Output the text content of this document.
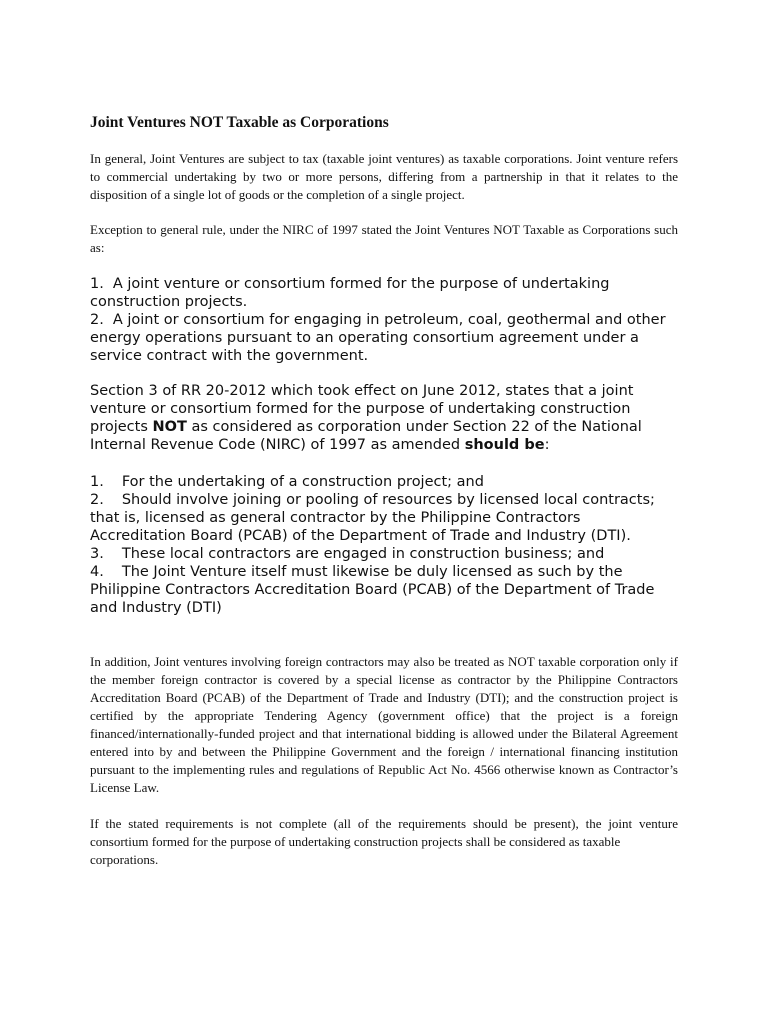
Joint Ventures NOT Taxable as Corporations

In general, Joint Ventures are subject to tax (taxable joint ventures) as taxable corporations. Joint venture refers to commercial undertaking by two or more persons, differing from a partnership in that it relates to the disposition of a single lot of goods or the completion of a single project.

Exception to general rule, under the NIRC of 1997 stated the Joint Ventures NOT Taxable as Corporations such as:

1. A joint venture or consortium formed for the purpose of undertaking construction projects.
2. A joint or consortium for engaging in petroleum, coal, geothermal and other energy operations pursuant to an operating consortium agreement under a service contract with the government.

Section 3 of RR 20-2012 which took effect on June 2012, states that a joint venture or consortium formed for the purpose of undertaking construction projects NOT as considered as corporation under Section 22 of the National Internal Revenue Code (NIRC) of 1997 as amended should be:

1. For the undertaking of a construction project; and
2. Should involve joining or pooling of resources by licensed local contracts; that is, licensed as general contractor by the Philippine Contractors Accreditation Board (PCAB) of the Department of Trade and Industry (DTI).
3. These local contractors are engaged in construction business; and
4. The Joint Venture itself must likewise be duly licensed as such by the Philippine Contractors Accreditation Board (PCAB) of the Department of Trade and Industry (DTI)

In addition, Joint ventures involving foreign contractors may also be treated as NOT taxable corporation only if the member foreign contractor is covered by a special license as contractor by the Philippine Contractors Accreditation Board (PCAB) of the Department of Trade and Industry (DTI); and the construction project is certified by the appropriate Tendering Agency (government office) that the project is a foreign financed/internationally-funded project and that international bidding is allowed under the Bilateral Agreement entered into by and between the Philippine Government and the foreign / international financing institution pursuant to the implementing rules and regulations of Republic Act No. 4566 otherwise known as Contractor’s License Law.

If the stated requirements is not complete (all of the requirements should be present), the joint venture consortium formed for the purpose of undertaking construction projects shall be considered as taxable
corporations.
